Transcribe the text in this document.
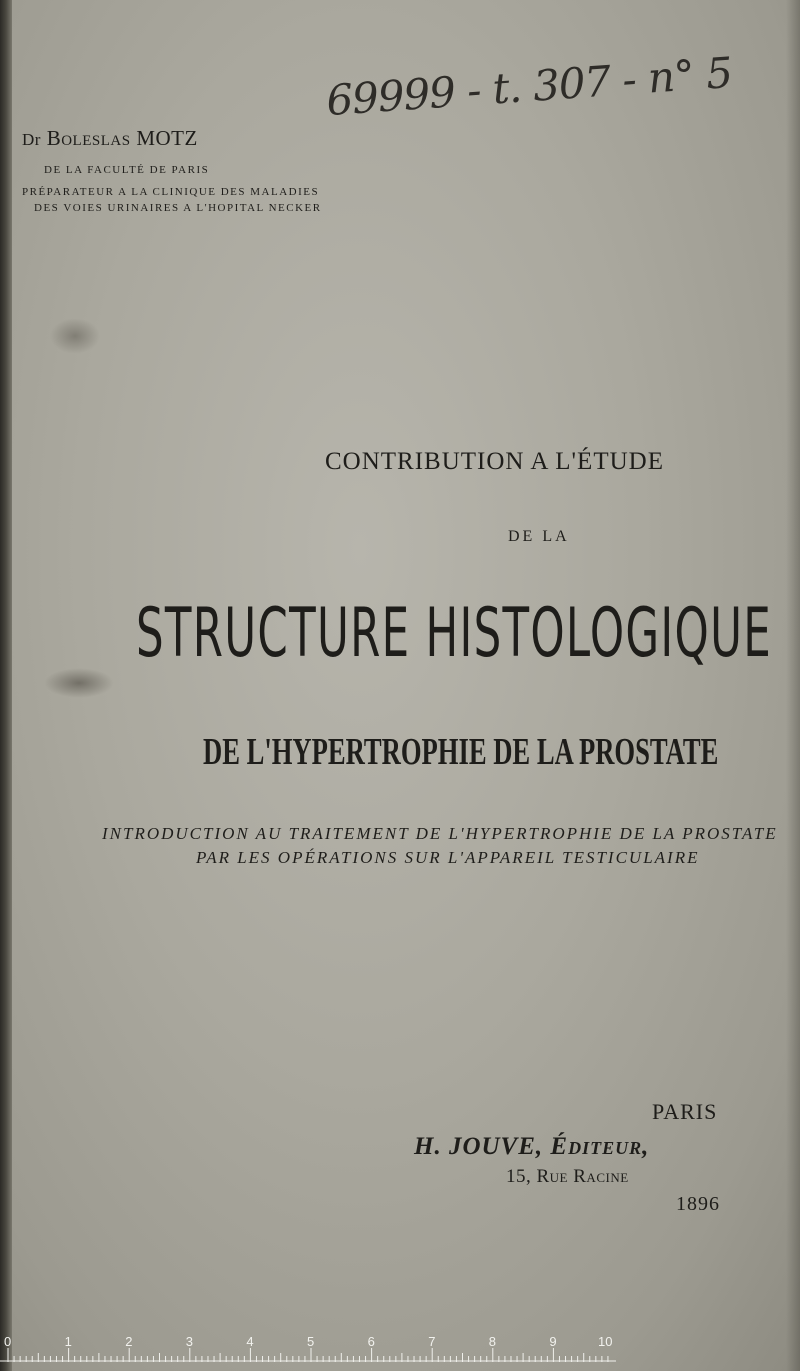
Dr Boleslas MOTZ
DE LA FACULTÉ DE PARIS
PRÉPARATEUR A LA CLINIQUE DES MALADIES
DES VOIES URINAIRES A L'HOPITAL NECKER
69999 - t. 307 - n° 5
CONTRIBUTION A L'ÉTUDE
DE LA
STRUCTURE HISTOLOGIQUE
DE L'HYPERTROPHIE DE LA PROSTATE
INTRODUCTION AU TRAITEMENT DE L'HYPERTROPHIE DE LA PROSTATE
PAR LES OPÉRATIONS SUR L'APPAREIL TESTICULAIRE
PARIS
H. JOUVE, Éditeur,
15, Rue Racine
1896
0	1	2	3	4	5	6	7	8	9	10
